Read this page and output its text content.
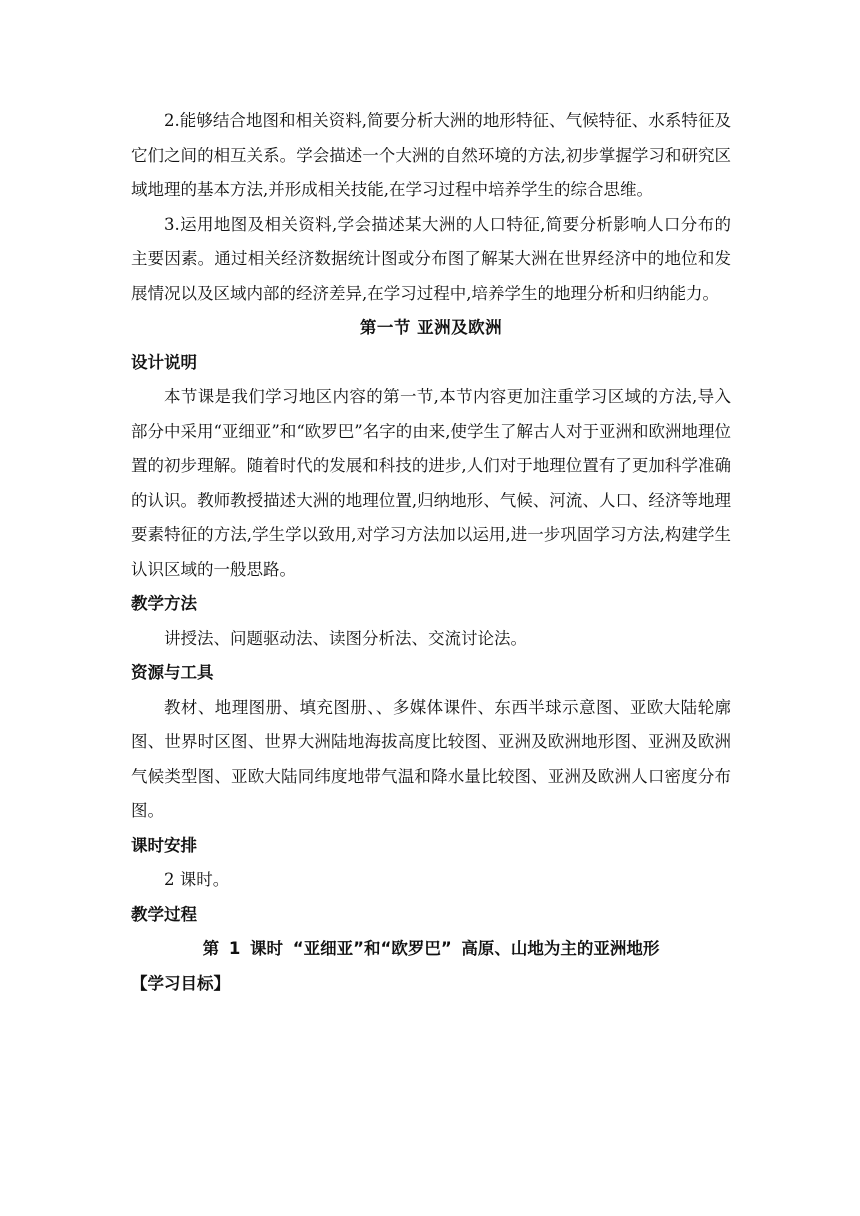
2.能够结合地图和相关资料,简要分析大洲的地形特征、气候特征、水系特征及它们之间的相互关系。学会描述一个大洲的自然环境的方法,初步掌握学习和研究区域地理的基本方法,并形成相关技能,在学习过程中培养学生的综合思维。

3.运用地图及相关资料,学会描述某大洲的人口特征,简要分析影响人口分布的主要因素。通过相关经济数据统计图或分布图了解某大洲在世界经济中的地位和发展情况以及区域内部的经济差异,在学习过程中,培养学生的地理分析和归纳能力。

第一节 亚洲及欧洲
设计说明

本节课是我们学习地区内容的第一节,本节内容更加注重学习区域的方法,导入部分中采用“亚细亚”和“欧罗巴”名字的由来,使学生了解古人对于亚洲和欧洲地理位置的初步理解。随着时代的发展和科技的进步,人们对于地理位置有了更加科学准确的认识。教师教授描述大洲的地理位置,归纳地形、气候、河流、人口、经济等地理要素特征的方法,学生学以致用,对学习方法加以运用,进一步巩固学习方法,构建学生认识区域的一般思路。

教学方法

讲授法、问题驱动法、读图分析法、交流讨论法。

资源与工具

教材、地理图册、填充图册、、多媒体课件、东西半球示意图、亚欧大陆轮廓图、世界时区图、世界大洲陆地海拔高度比较图、亚洲及欧洲地形图、亚洲及欧洲气候类型图、亚欧大陆同纬度地带气温和降水量比较图、亚洲及欧洲人口密度分布图。

课时安排

2 课时。

教学过程
第 1 课时 “亚细亚”和“欧罗巴” 高原、山地为主的亚洲地形
【学习目标】
